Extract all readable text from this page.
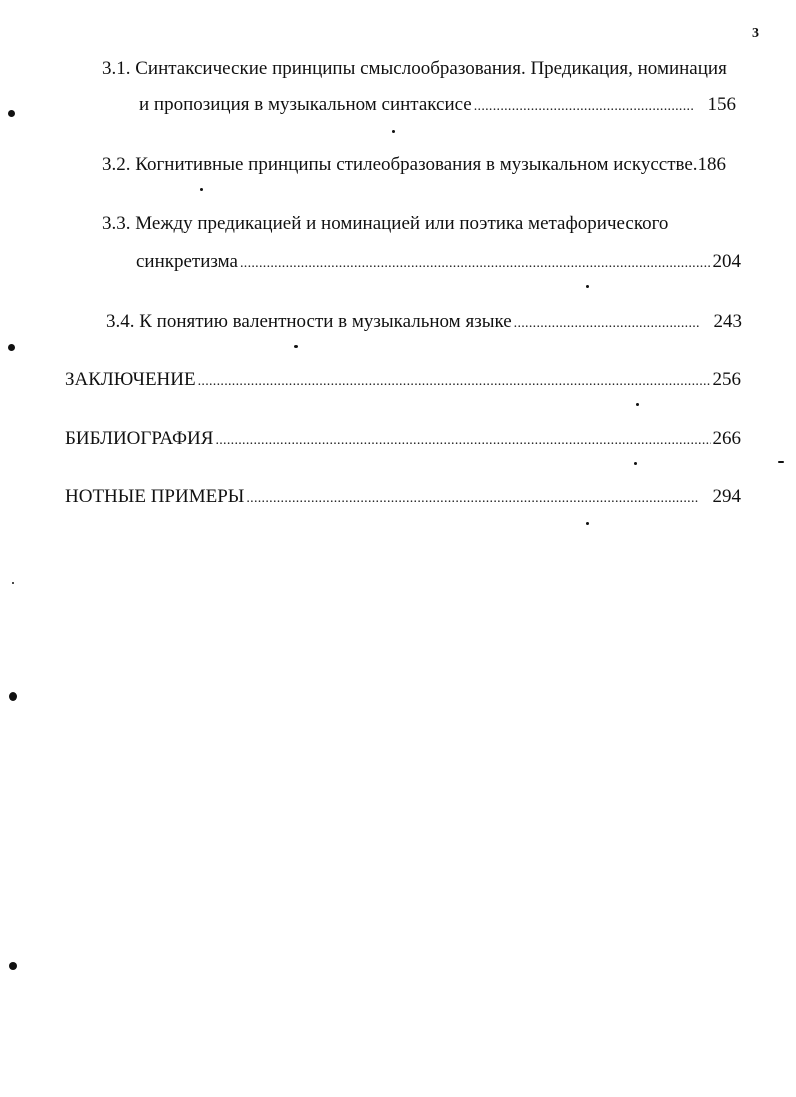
3
3.1. Синтаксические принципы смыслообразования. Предикация, номинация
и пропозиция в музыкальном синтаксисе . . .	156
3.2. Когнитивные принципы стилеобразования в музыкальном искусстве. 186
3.3. Между предикацией и номинацией или поэтика метафорического
синкретизма . . .	204
3.4. К понятию валентности в музыкальном языке . . .	243
ЗАКЛЮЧЕНИЕ . . .	256
БИБЛИОГРАФИЯ . . .	266
НОТНЫЕ ПРИМЕРЫ . . .	294
